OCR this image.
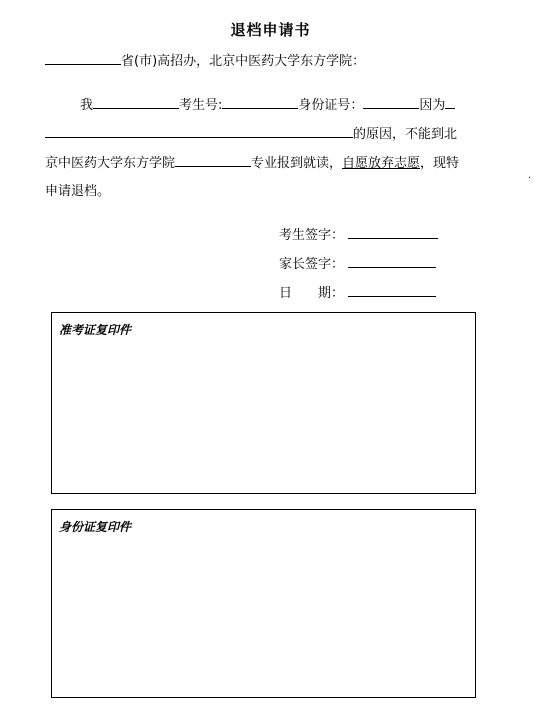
退档申请书
省(市)高招办，北京中医药大学东方学院：
我	考生号:	身份证号：	因为
的原因，不能到北
京中医药大学东方学院	专业报到就读，自愿放弃志愿，现特
申请退档。
考生签字：
家长签字：
日　　期：
.
准考证复印件
身份证复印件
